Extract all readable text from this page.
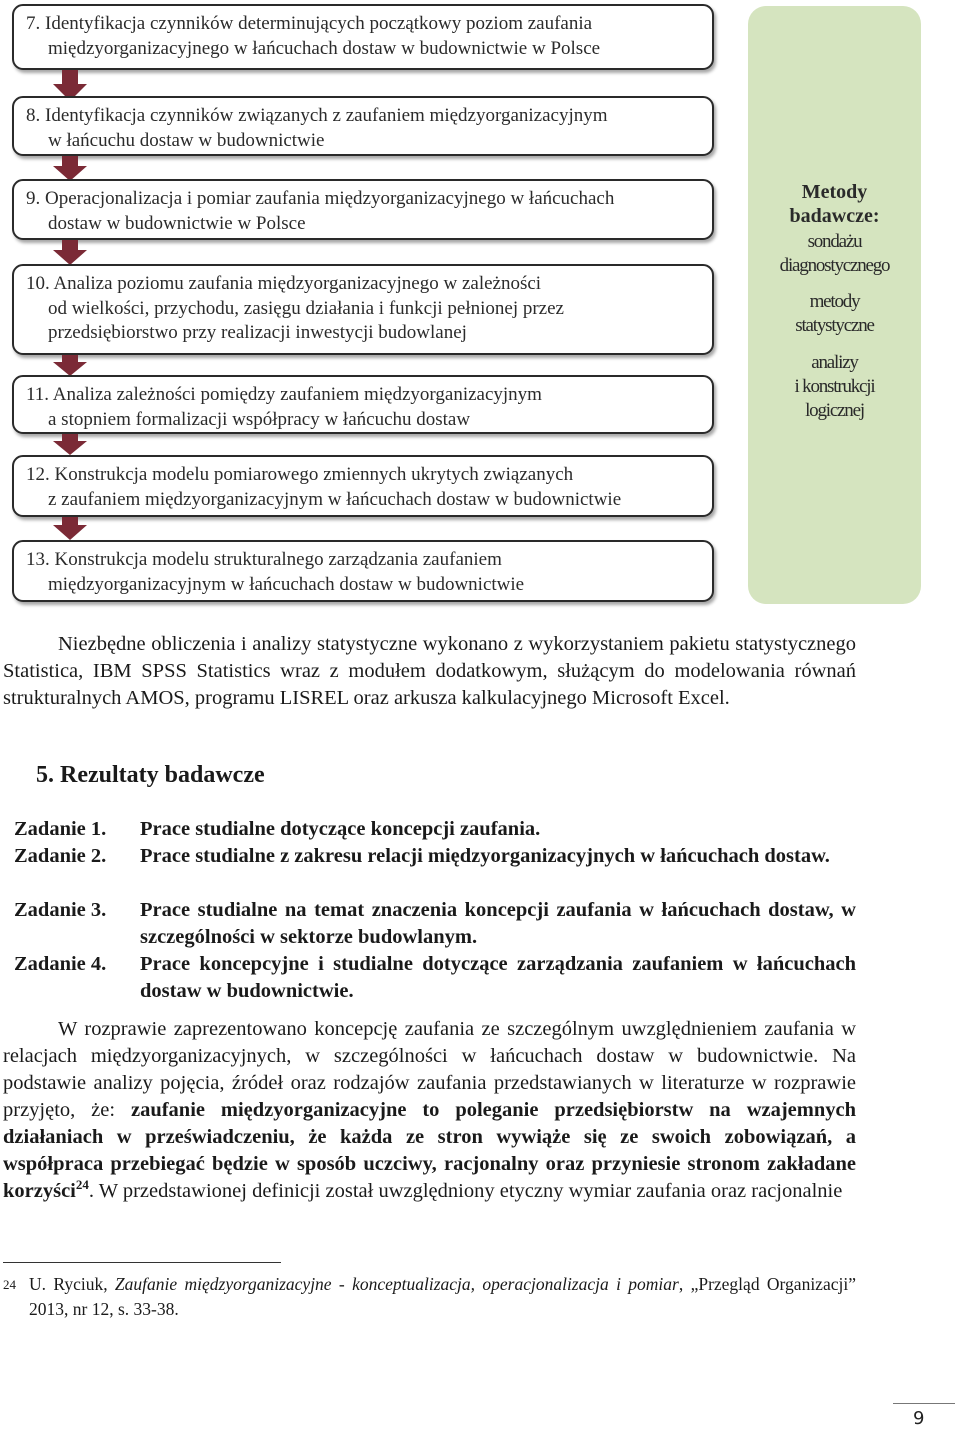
7. Identyfikacja czynników determinujących początkowy poziom zaufania
międzyorganizacyjnego w łańcuchach dostaw w budownictwie w Polsce
8. Identyfikacja czynników związanych z zaufaniem międzyorganizacyjnym
w łańcuchu dostaw w budownictwie
9. Operacjonalizacja i pomiar zaufania międzyorganizacyjnego w łańcuchach
dostaw w budownictwie w Polsce
10. Analiza poziomu zaufania międzyorganizacyjnego w zależności
od wielkości, przychodu, zasięgu działania i funkcji pełnionej przez
przedsiębiorstwo przy realizacji inwestycji budowlanej
11. Analiza zależności pomiędzy zaufaniem międzyorganizacyjnym
a stopniem formalizacji współpracy w łańcuchu dostaw
12. Konstrukcja modelu pomiarowego zmiennych ukrytych związanych
z zaufaniem międzyorganizacyjnym w łańcuchach dostaw w budownictwie
13. Konstrukcja modelu strukturalnego zarządzania zaufaniem
międzyorganizacyjnym w łańcuchach dostaw w budownictwie
Metody
badawcze:
sondażu
diagnostycznego
metody
statystyczne
analizy
i konstrukcji
logicznej

Niezbędne obliczenia i analizy statystyczne wykonano z wykorzystaniem pakietu statystycznego Statistica, IBM SPSS Statistics wraz z modułem dodatkowym, służącym do modelowania równań strukturalnych AMOS, programu LISREL oraz arkusza kalkulacyjnego Microsoft Excel.

5. Rezultaty badawcze
Zadanie 1.	Prace studialne dotyczące koncepcji zaufania.
Zadanie 2.	Prace studialne z zakresu relacji międzyorganizacyjnych w łańcuchach dostaw.
Zadanie 3.	Prace studialne na temat znaczenia koncepcji zaufania w łańcuchach dostaw, w szczególności w sektorze budowlanym.
Zadanie 4.	Prace koncepcyjne i studialne dotyczące zarządzania zaufaniem w łańcuchach dostaw w budownictwie.

W rozprawie zaprezentowano koncepcję zaufania ze szczególnym uwzględnieniem zaufania w relacjach międzyorganizacyjnych, w szczególności w łańcuchach dostaw w budownictwie. Na podstawie analizy pojęcia, źródeł oraz rodzajów zaufania przedstawianych w literaturze w rozprawie przyjęto, że: zaufanie międzyorganizacyjne to poleganie przedsiębiorstw na wzajemnych działaniach w przeświadczeniu, że każda ze stron wywiąże się ze swoich zobowiązań, a współpraca przebiegać będzie w sposób uczciwy, racjonalny oraz przyniesie stronom zakładane korzyści$^{24}$. W przedstawionej definicji został uwzględniony etyczny wymiar zaufania oraz racjonalnie

24 U. Ryciuk, Zaufanie międzyorganizacyjne - konceptualizacja, operacjonalizacja i pomiar, „Przegląd Organizacji” 2013, nr 12, s. 33-38.
9
